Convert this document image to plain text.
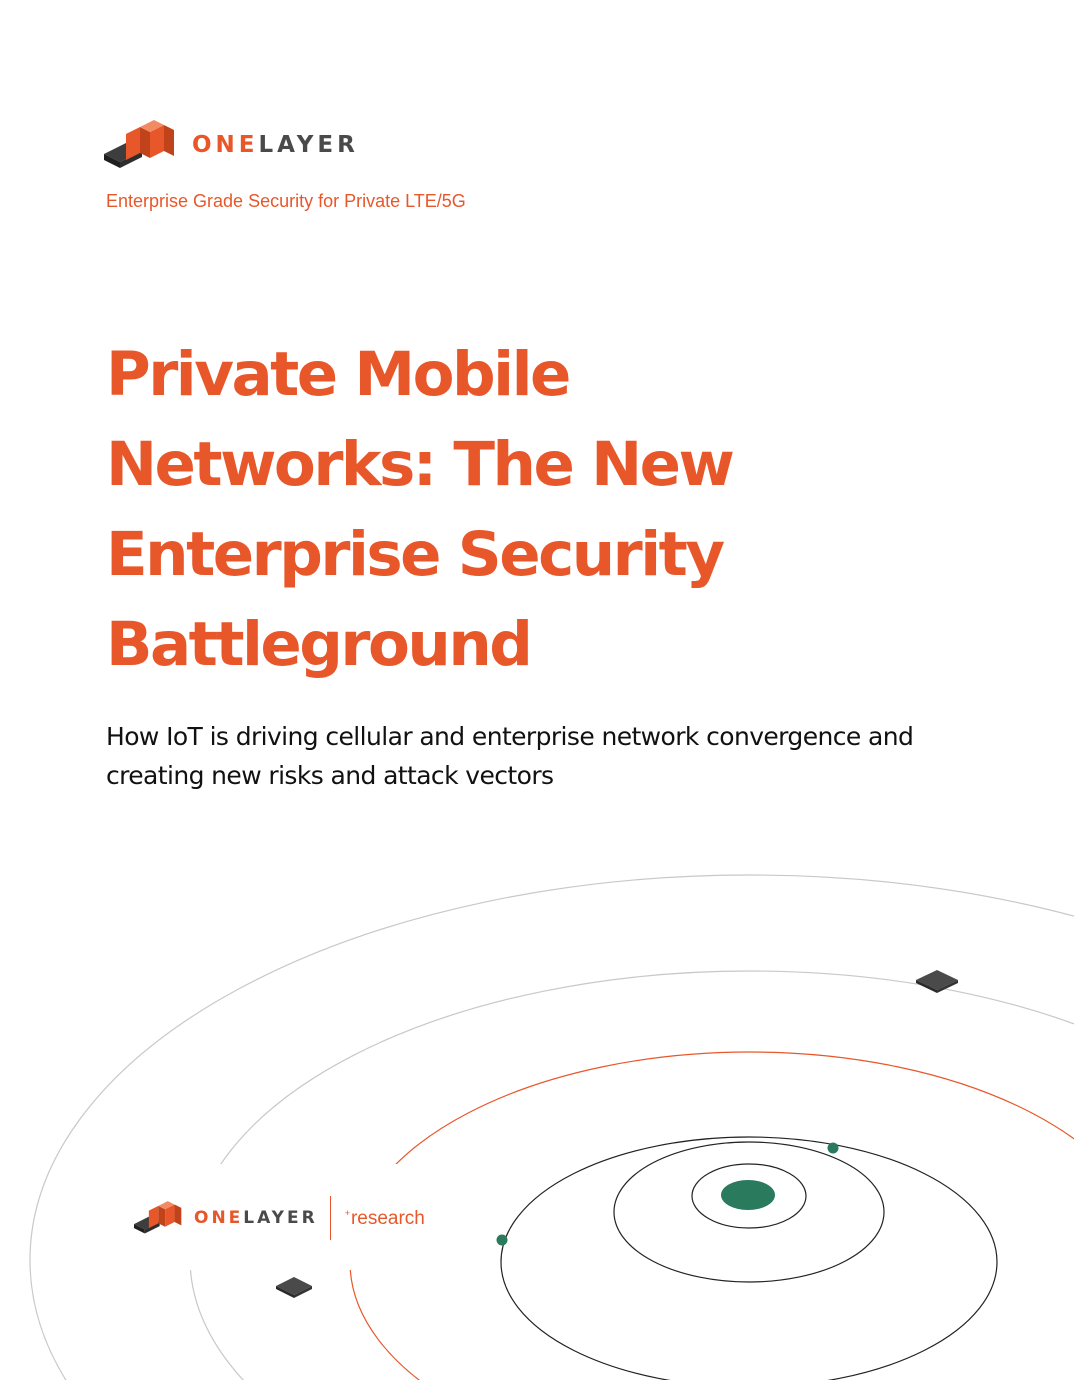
ONELAYER

Enterprise Grade Security for Private LTE/5G

Private Mobile Networks: The New Enterprise Security Battleground

How IoT is driving cellular and enterprise network convergence and creating new risks and attack vectors

ONELAYER	+research
